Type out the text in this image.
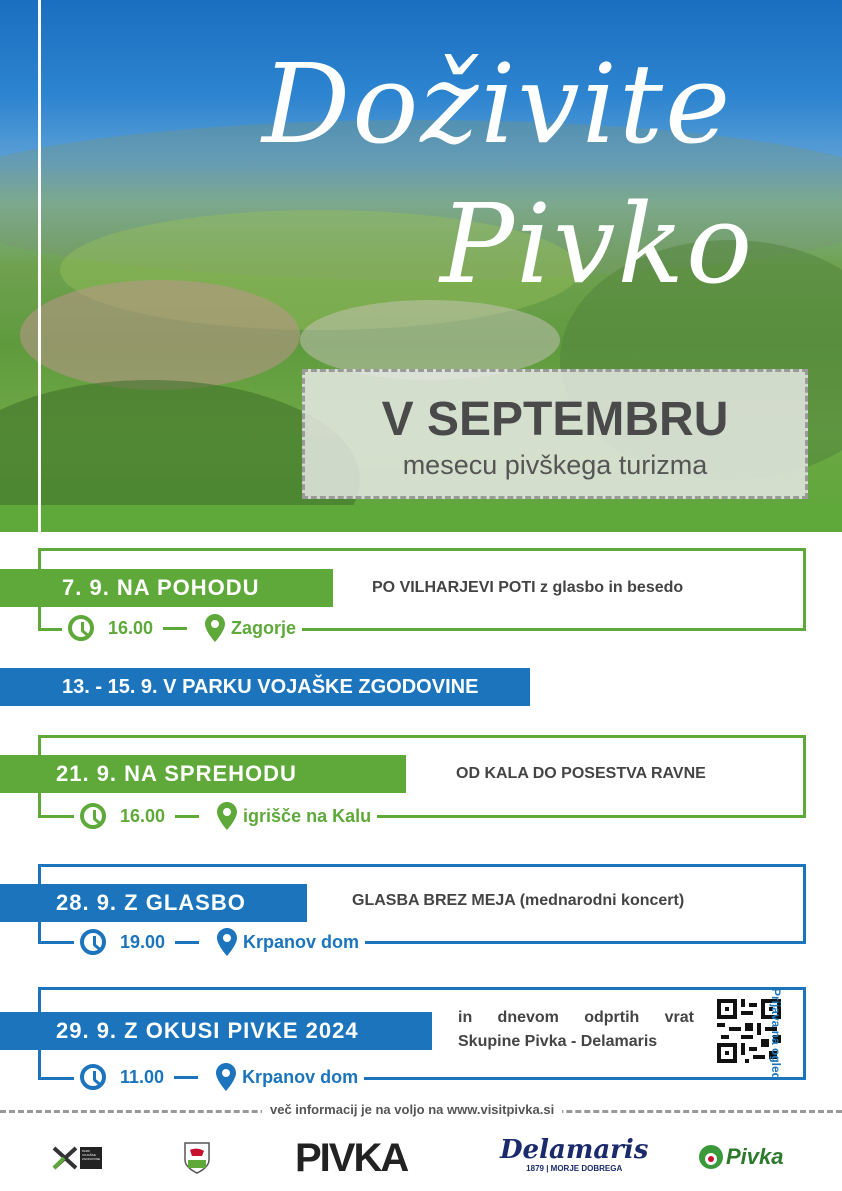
Doživite
Pivko
V SEPTEMBRU
mesecu pivškega turizma
7. 9. NA POHODU	PO VILHARJEVI POTI z glasbo in besedo
16.00	Zagorje
13. - 15. 9. V PARKU VOJAŠKE ZGODOVINE
21. 9. NA SPREHODU	OD KALA DO POSESTVA RAVNE
16.00	igrišče na Kalu
28. 9. Z GLASBO	GLASBA BREZ MEJA (mednarodni koncert)
19.00	Krpanov dom
29. 9. Z OKUSI PIVKE 2024
in dnevom odprtih vrat
Skupine Pivka - Delamaris	Prijava na ogled
11.00	Krpanov dom
več informacij je na voljo na www.visitpivka.si
PARK VOJAŠKE ZGODOVINE	PIVKA	Delamaris
1879 | MORJE DOBREGA	Pivka
